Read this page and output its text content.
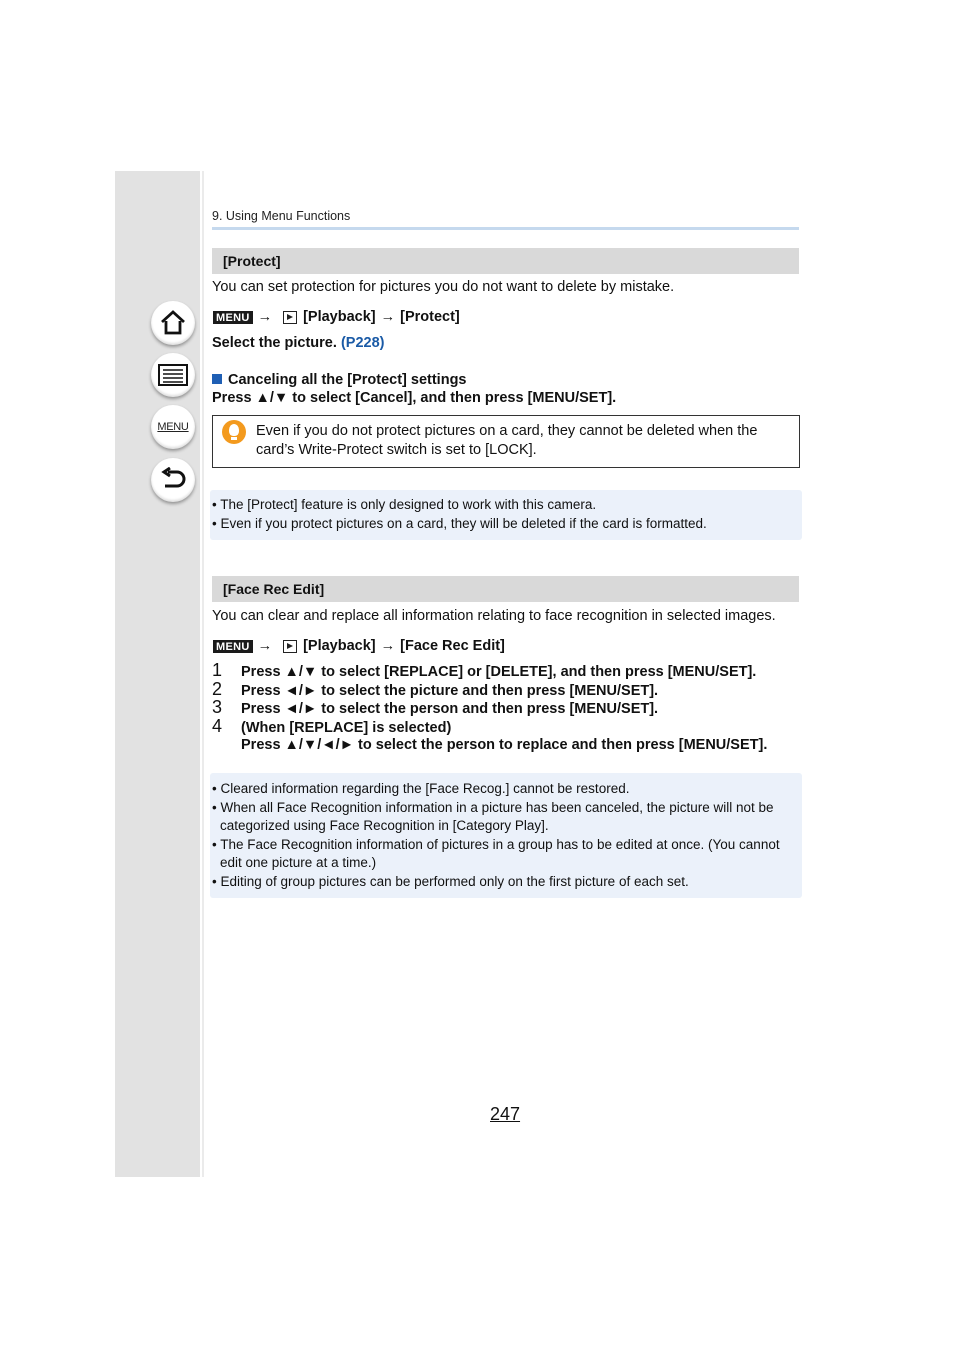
MENU
9. Using Menu Functions
[Protect]
You can set protection for pictures you do not want to delete by mistake.
MENU → [Playback] → [Protect]
Select the picture. (P228)
Canceling all the [Protect] settings
Press ▲/▼ to select [Cancel], and then press [MENU/SET].
Even if you do not protect pictures on a card, they cannot be deleted when the card’s Write-Protect switch is set to [LOCK].
• The [Protect] feature is only designed to work with this camera.
• Even if you protect pictures on a card, they will be deleted if the card is formatted.
[Face Rec Edit]
You can clear and replace all information relating to face recognition in selected images.
MENU → [Playback] → [Face Rec Edit]
1 Press ▲/▼ to select [REPLACE] or [DELETE], and then press [MENU/SET].
2 Press ◄/► to select the picture and then press [MENU/SET].
3 Press ◄/► to select the person and then press [MENU/SET].
4 (When [REPLACE] is selected)
Press ▲/▼/◄/► to select the person to replace and then press [MENU/SET].
• Cleared information regarding the [Face Recog.] cannot be restored.
• When all Face Recognition information in a picture has been canceled, the picture will not be categorized using Face Recognition in [Category Play].
• The Face Recognition information of pictures in a group has to be edited at once. (You cannot edit one picture at a time.)
• Editing of group pictures can be performed only on the first picture of each set.
247
